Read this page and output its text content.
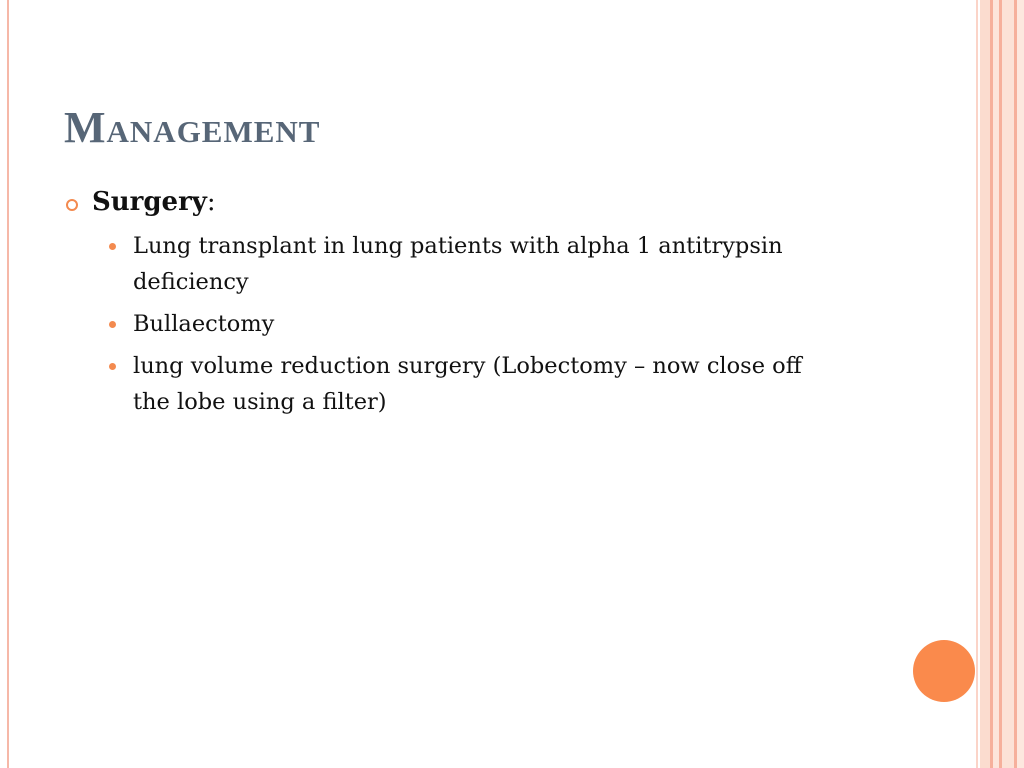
Management
Surgery:
Lung transplant in lung patients with alpha 1 antitrypsin deficiency
Bullaectomy
lung volume reduction surgery (Lobectomy – now close off the lobe using a filter)
